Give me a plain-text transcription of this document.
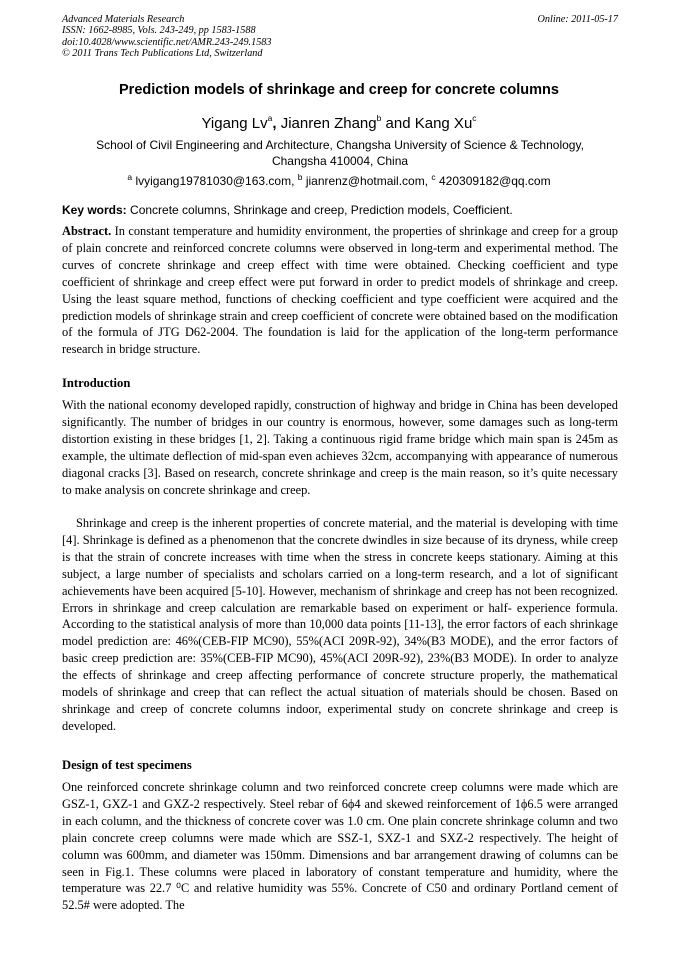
Advanced Materials Research
ISSN: 1662-8985, Vols. 243-249, pp 1583-1588
doi:10.4028/www.scientific.net/AMR.243-249.1583
© 2011 Trans Tech Publications Ltd, Switzerland
Online: 2011-05-17
Prediction models of shrinkage and creep for concrete columns
Yigang Lv$^a$, Jianren Zhang$^b$ and Kang Xu$^c$
School of Civil Engineering and Architecture, Changsha University of Science & Technology,
Changsha 410004, China
$^a$ lvyigang19781030@163.com, $^b$ jianrenz@hotmail.com, $^c$ 420309182@qq.com
Key words: Concrete columns, Shrinkage and creep, Prediction models, Coefficient.
Abstract. In constant temperature and humidity environment, the properties of shrinkage and creep for a group of plain concrete and reinforced concrete columns were observed in long-term and experimental method. The curves of concrete shrinkage and creep effect with time were obtained. Checking coefficient and type coefficient of shrinkage and creep effect were put forward in order to predict models of shrinkage and creep. Using the least square method, functions of checking coefficient and type coefficient were acquired and the prediction models of shrinkage strain and creep coefficient of concrete were obtained based on the modification of the formula of JTG D62-2004. The foundation is laid for the application of the long-term performance research in bridge structure.
Introduction
With the national economy developed rapidly, construction of highway and bridge in China has been developed significantly. The number of bridges in our country is enormous, however, some damages such as long-term distortion existing in these bridges [1, 2]. Taking a continuous rigid frame bridge which main span is 245m as example, the ultimate deflection of mid-span even achieves 32cm, accompanying with appearance of numerous diagonal cracks [3]. Based on research, concrete shrinkage and creep is the main reason, so it’s quite necessary to make analysis on concrete shrinkage and creep.
Shrinkage and creep is the inherent properties of concrete material, and the material is developing with time [4]. Shrinkage is defined as a phenomenon that the concrete dwindles in size because of its dryness, while creep is that the strain of concrete increases with time when the stress in concrete keeps stationary. Aiming at this subject, a large number of specialists and scholars carried on a long-term research, and a lot of significant achievements have been acquired [5-10]. However, mechanism of shrinkage and creep has not been recognized. Errors in shrinkage and creep calculation are remarkable based on experiment or half- experience formula. According to the statistical analysis of more than 10,000 data points [11-13], the error factors of each shrinkage model prediction are: 46%(CEB-FIP MC90), 55%(ACI 209R-92), 34%(B3 MODE), and the error factors of basic creep prediction are: 35%(CEB-FIP MC90), 45%(ACI 209R-92), 23%(B3 MODE). In order to analyze the effects of shrinkage and creep affecting performance of concrete structure properly, the mathematical models of shrinkage and creep that can reflect the actual situation of materials should be chosen. Based on shrinkage and creep of concrete columns indoor, experimental study on concrete shrinkage and creep is developed.
Design of test specimens
One reinforced concrete shrinkage column and two reinforced concrete creep columns were made which are GSZ-1, GXZ-1 and GXZ-2 respectively. Steel rebar of 6ϕ4 and skewed reinforcement of 1ϕ6.5 were arranged in each column, and the thickness of concrete cover was 1.0 cm. One plain concrete shrinkage column and two plain concrete creep columns were made which are SSZ-1, SXZ-1 and SXZ-2 respectively. The height of column was 600mm, and diameter was 150mm. Dimensions and bar arrangement drawing of columns can be seen in Fig.1. These columns were placed in laboratory of constant temperature and humidity, where the temperature was 22.7 ⁰C and relative humidity was 55%. Concrete of C50 and ordinary Portland cement of 52.5# were adopted. The
